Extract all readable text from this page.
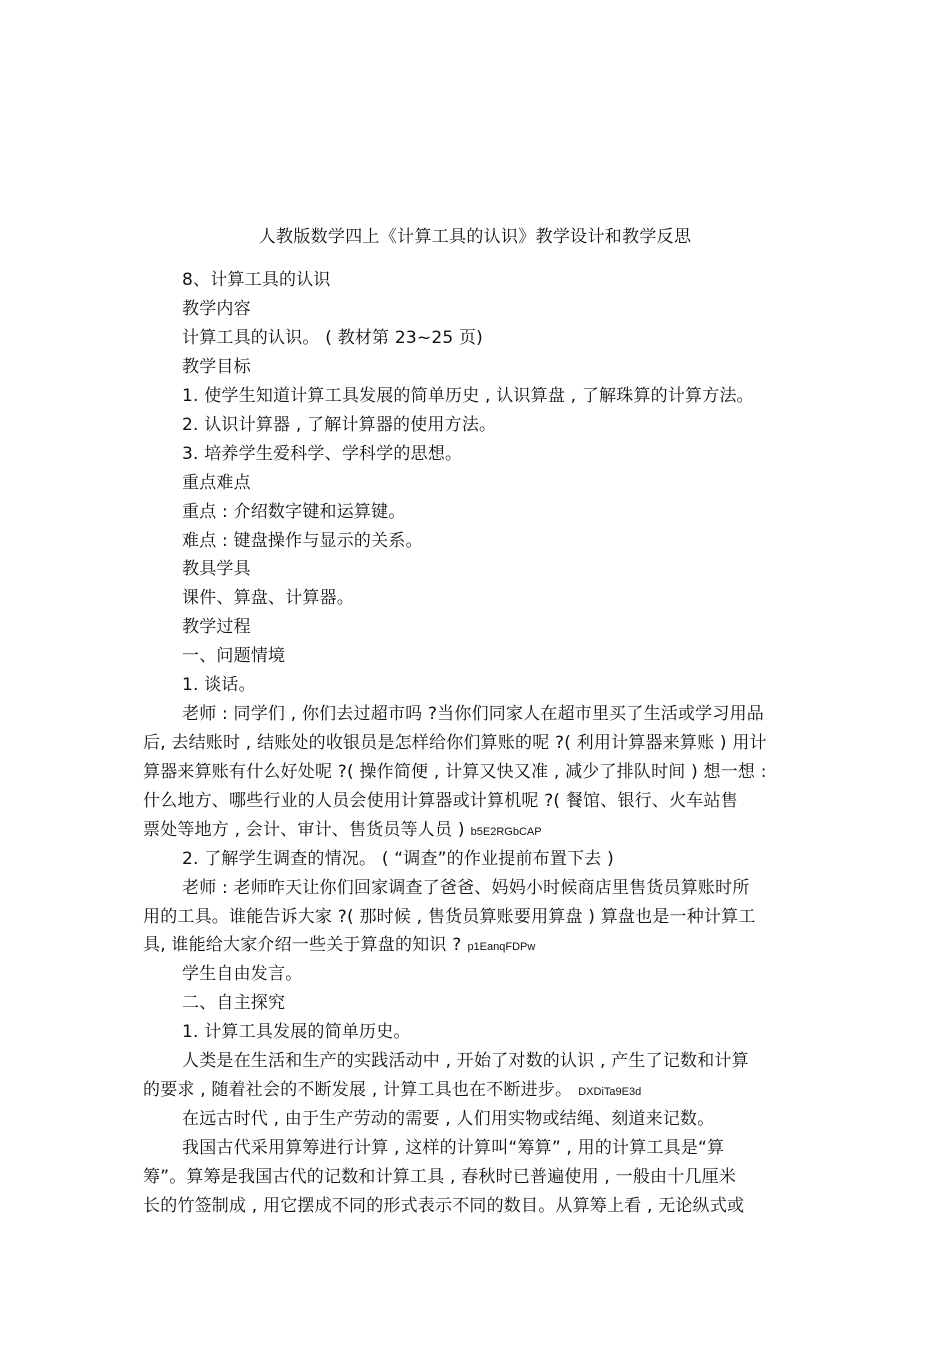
人教版数学四上《计算工具的认识》教学设计和教学反思
8、计算工具的认识
教学内容
计算工具的认识。 ( 教材第 23~25 页)
教学目标
1. 使学生知道计算工具发展的简单历史 , 认识算盘 , 了解珠算的计算方法。
2. 认识计算器 , 了解计算器的使用方法。
3. 培养学生爱科学、学科学的思想。
重点难点
重点 : 介绍数字键和运算键。
难点 : 键盘操作与显示的关系。
教具学具
课件、算盘、计算器。
教学过程
一、问题情境
1. 谈话。
老师 : 同学们 , 你们去过超市吗 ?当你们同家人在超市里买了生活或学习用品
后, 去结账时 , 结账处的收银员是怎样给你们算账的呢 ?( 利用计算器来算账 ) 用计
算器来算账有什么好处呢 ?( 操作简便 , 计算又快又准 , 减少了排队时间 ) 想一想 :
什么地方、哪些行业的人员会使用计算器或计算机呢 ?( 餐馆、银行、火车站售
票处等地方 , 会计、审计、售货员等人员 ) b5E2RGbCAP
2. 了解学生调查的情况。 ( “调查”的作业提前布置下去 )
老师 : 老师昨天让你们回家调查了爸爸、妈妈小时候商店里售货员算账时所
用的工具。谁能告诉大家 ?( 那时候 , 售货员算账要用算盘 ) 算盘也是一种计算工
具, 谁能给大家介绍一些关于算盘的知识 ? p1EanqFDPw
学生自由发言。
二、自主探究
1. 计算工具发展的简单历史。
人类是在生活和生产的实践活动中 , 开始了对数的认识 , 产生了记数和计算
的要求 , 随着社会的不断发展 , 计算工具也在不断进步。 DXDiTa9E3d
在远古时代 , 由于生产劳动的需要 , 人们用实物或结绳、刻道来记数。
我国古代采用算筹进行计算 , 这样的计算叫“筹算” , 用的计算工具是“算
筹”。算筹是我国古代的记数和计算工具 , 春秋时已普遍使用 , 一般由十几厘米
长的竹签制成 , 用它摆成不同的形式表示不同的数目。从算筹上看 , 无论纵式或
